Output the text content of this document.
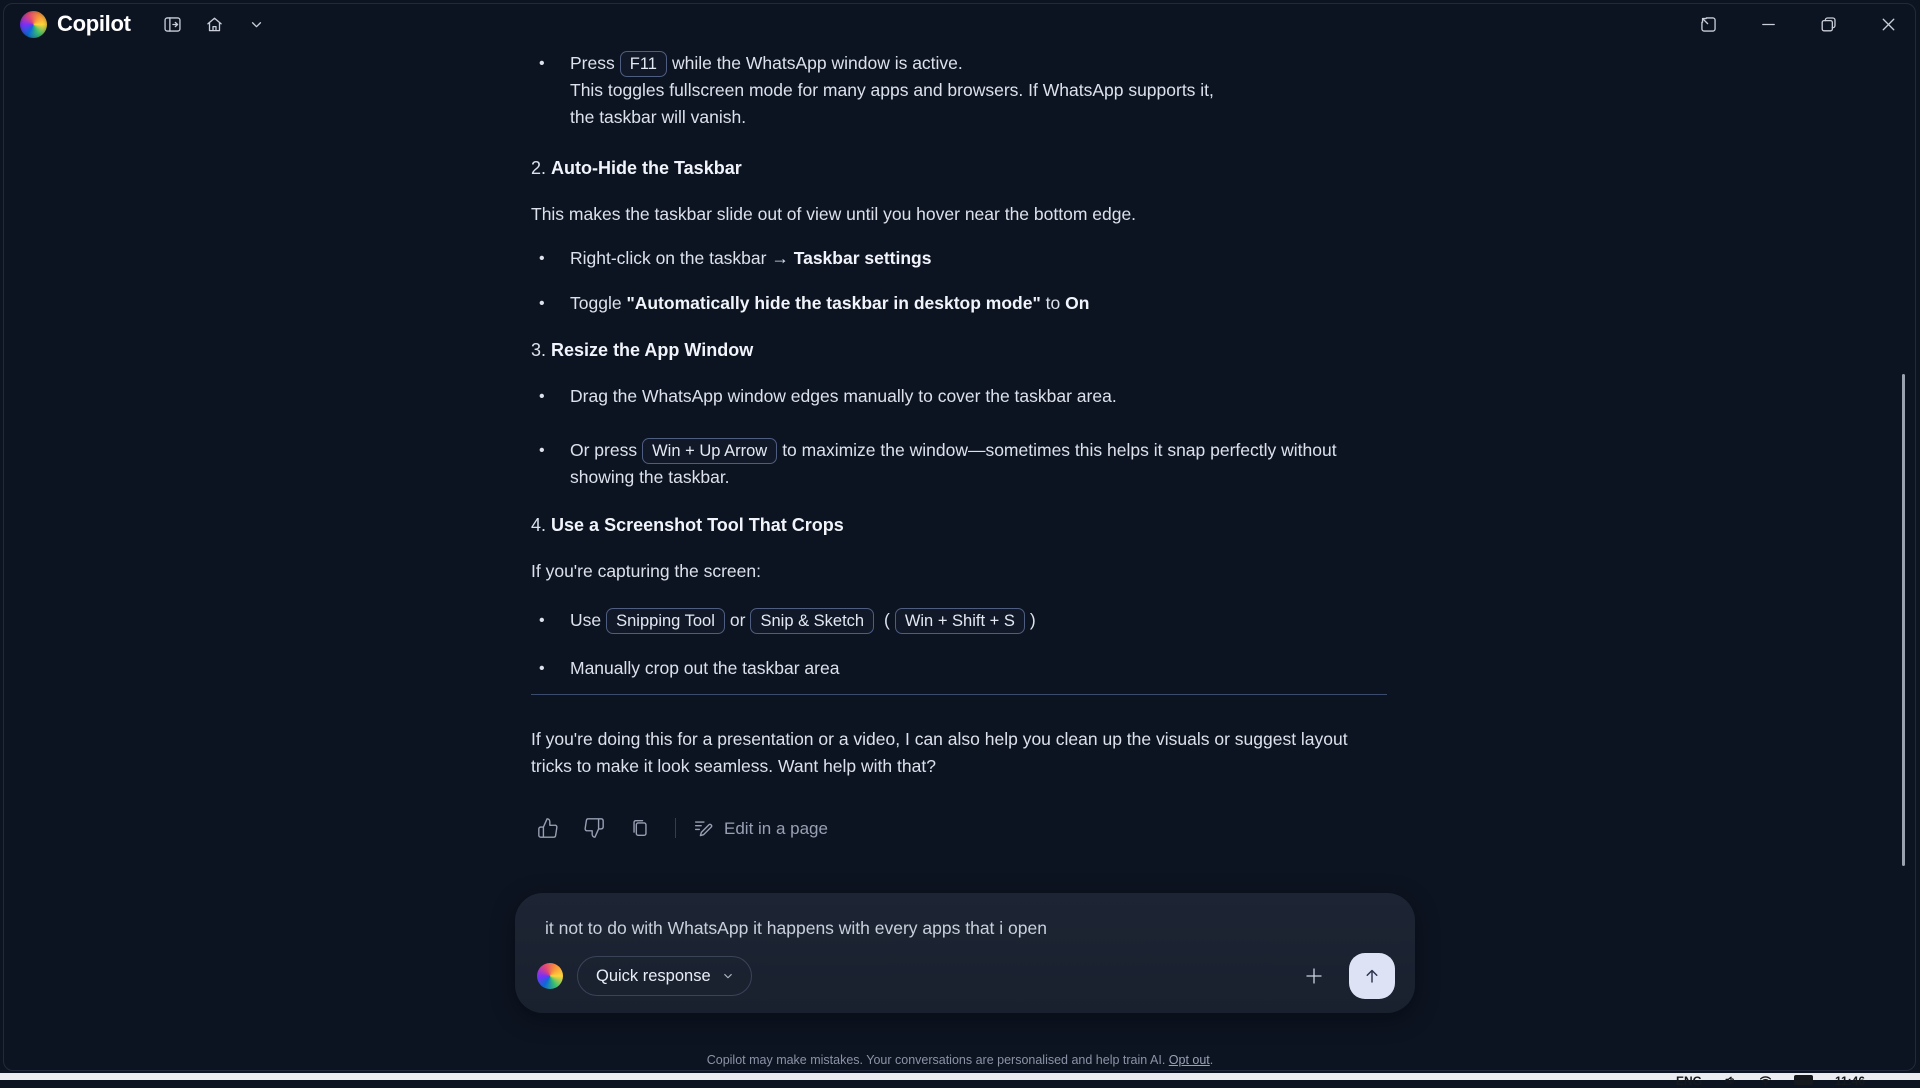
Copilot
• Press F11 while the WhatsApp window is active.
This toggles fullscreen mode for many apps and browsers. If WhatsApp supports it,
the taskbar will vanish.
2. Auto-Hide the Taskbar
This makes the taskbar slide out of view until you hover near the bottom edge.
• Right-click on the taskbar → Taskbar settings
• Toggle "Automatically hide the taskbar in desktop mode" to On
3. Resize the App Window
• Drag the WhatsApp window edges manually to cover the taskbar area.
• Or press Win + Up Arrow to maximize the window—sometimes this helps it snap perfectly without showing the taskbar.
4. Use a Screenshot Tool That Crops
If you're capturing the screen:
• Use Snipping Tool or Snip & Sketch ( Win + Shift + S )
• Manually crop out the taskbar area
If you're doing this for a presentation or a video, I can also help you clean up the visuals or suggest layout tricks to make it look seamless. Want help with that?
Edit in a page
it not to do with WhatsApp it happens with every apps that i open
Quick response
Copilot may make mistakes. Your conversations are personalised and help train AI. Opt out.
ENG	11:46
